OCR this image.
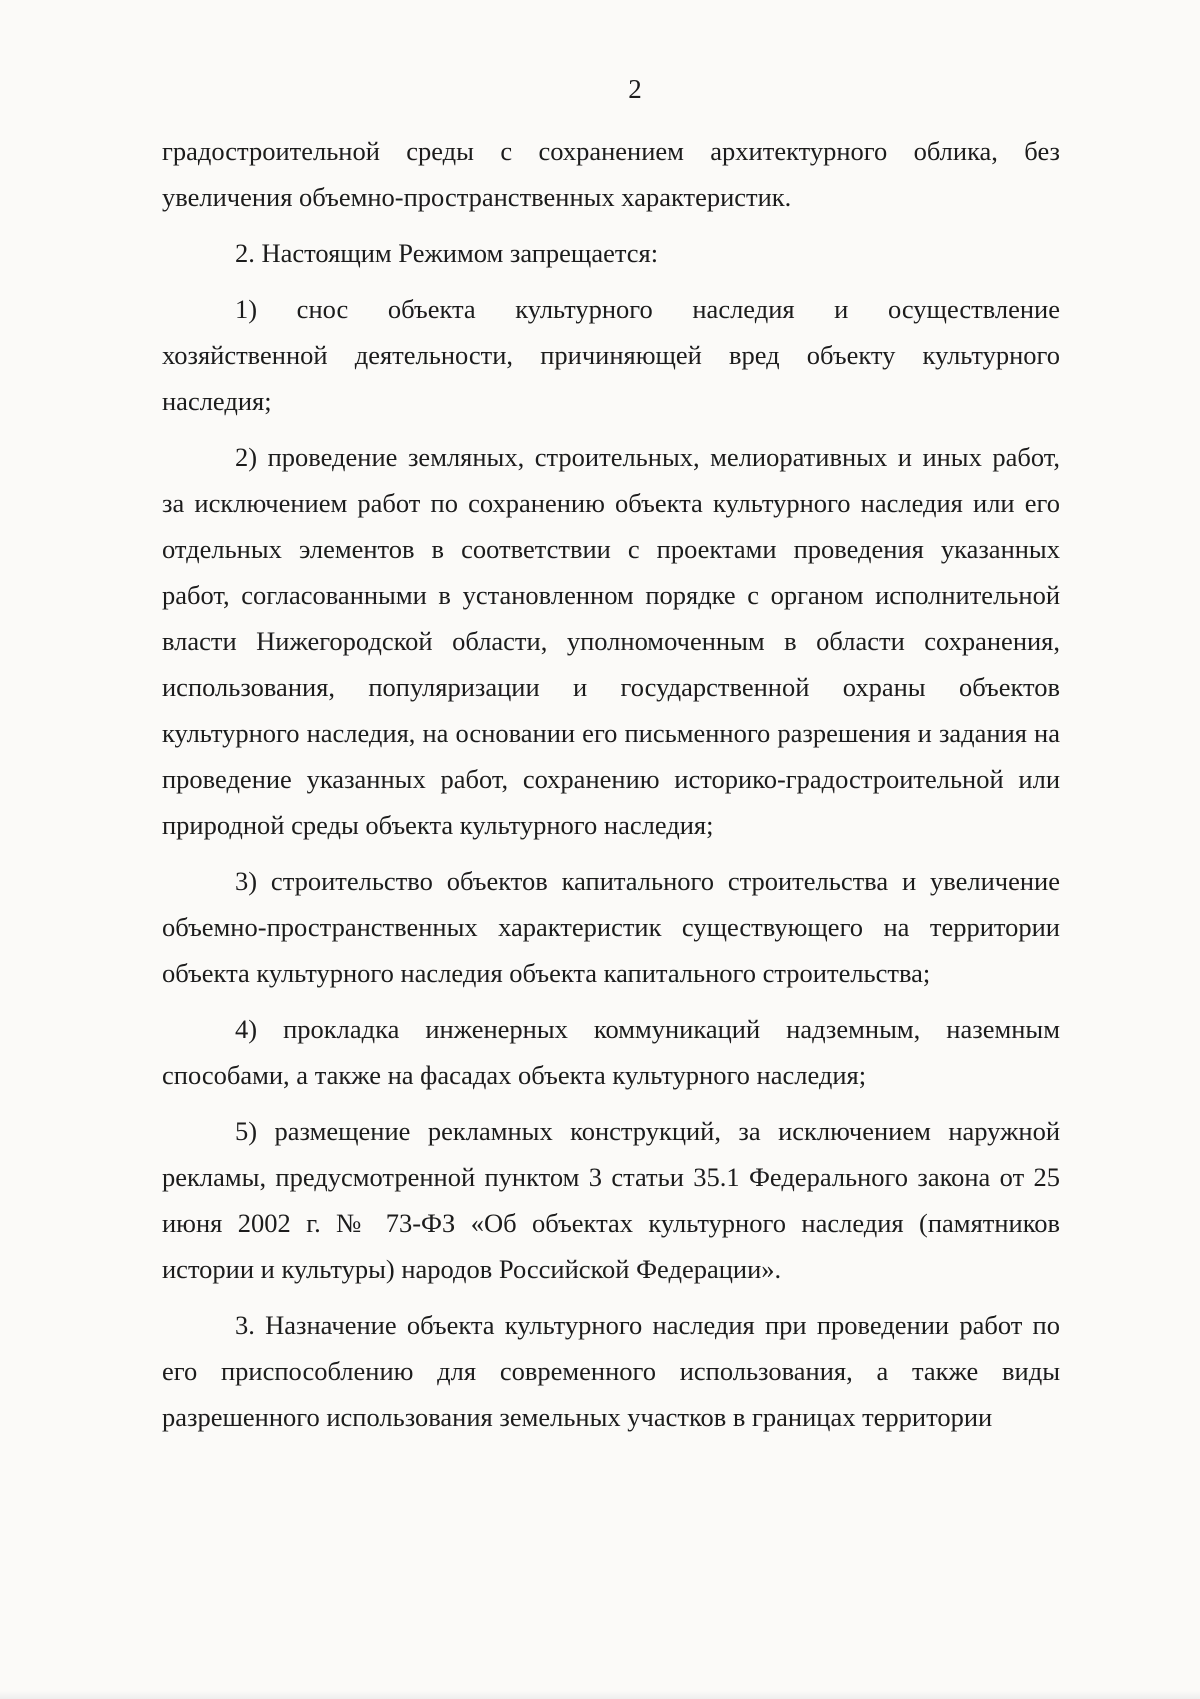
2

градостроительной среды с сохранением архитектурного облика, без увеличения объемно-пространственных характеристик.

2. Настоящим Режимом запрещается:

1) снос объекта культурного наследия и осуществление хозяйственной деятельности, причиняющей вред объекту культурного наследия;

2) проведение земляных, строительных, мелиоративных и иных работ, за исключением работ по сохранению объекта культурного наследия или его отдельных элементов в соответствии с проектами проведения указанных работ, согласованными в установленном порядке с органом исполнительной власти Нижегородской области, уполномоченным в области сохранения, использования, популяризации и государственной охраны объектов культурного наследия, на основании его письменного разрешения и задания на проведение указанных работ, сохранению историко-градостроительной или природной среды объекта культурного наследия;

3) строительство объектов капитального строительства и увеличение объемно-пространственных характеристик существующего на территории объекта культурного наследия объекта капитального строительства;

4) прокладка инженерных коммуникаций надземным, наземным способами, а также на фасадах объекта культурного наследия;

5) размещение рекламных конструкций, за исключением наружной рекламы, предусмотренной пунктом 3 статьи 35.1 Федерального закона от 25 июня 2002 г. № 73-ФЗ «Об объектах культурного наследия (памятников истории и культуры) народов Российской Федерации».

3. Назначение объекта культурного наследия при проведении работ по его приспособлению для современного использования, а также виды разрешенного использования земельных участков в границах территории
